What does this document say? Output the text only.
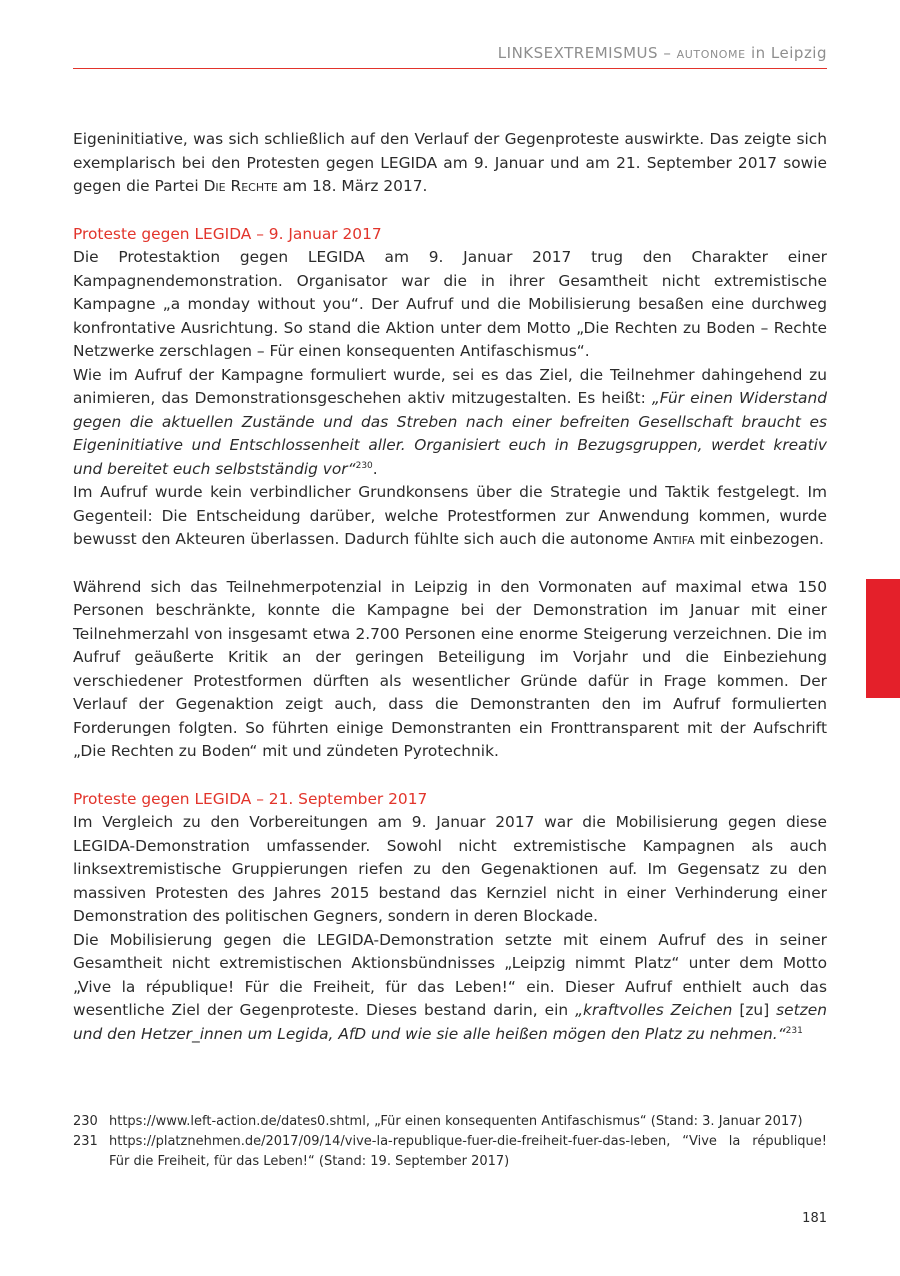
LINKSEXTREMISMUS – AUTONOME in Leipzig

Eigeninitiative, was sich schließlich auf den Verlauf der Gegenproteste auswirkte. Das zeigte sich exemplarisch bei den Protesten gegen LEGIDA am 9. Januar und am 21. September 2017 sowie gegen die Partei Die Rechte am 18. März 2017.

Proteste gegen LEGIDA – 9. Januar 2017

Die Protestaktion gegen LEGIDA am 9. Januar 2017 trug den Charakter einer Kampagnendemonstration. Organisator war die in ihrer Gesamtheit nicht extremistische Kampagne „a monday without you“. Der Aufruf und die Mobilisierung besaßen eine durchweg konfrontative Ausrichtung. So stand die Aktion unter dem Motto „Die Rechten zu Boden – Rechte Netzwerke zerschlagen – Für einen konsequenten Antifaschismus“.

Wie im Aufruf der Kampagne formuliert wurde, sei es das Ziel, die Teilnehmer dahingehend zu animieren, das Demonstrationsgeschehen aktiv mitzugestalten. Es heißt: „Für einen Widerstand gegen die aktuellen Zustände und das Streben nach einer befreiten Gesellschaft braucht es Eigeninitiative und Entschlossenheit aller. Organisiert euch in Bezugsgruppen, werdet kreativ und bereitet euch selbstständig vor“$^{230}$.

Im Aufruf wurde kein verbindlicher Grundkonsens über die Strategie und Taktik festgelegt. Im Gegenteil: Die Entscheidung darüber, welche Protestformen zur Anwendung kommen, wurde bewusst den Akteuren überlassen. Dadurch fühlte sich auch die autonome Antifa mit einbezogen.

Während sich das Teilnehmerpotenzial in Leipzig in den Vormonaten auf maximal etwa 150 Personen beschränkte, konnte die Kampagne bei der Demonstration im Januar mit einer Teilnehmerzahl von insgesamt etwa 2.700 Personen eine enorme Steigerung verzeichnen. Die im Aufruf geäußerte Kritik an der geringen Beteiligung im Vorjahr und die Einbeziehung verschiedener Protestformen dürften als wesentlicher Gründe dafür in Frage kommen. Der Verlauf der Gegenaktion zeigt auch, dass die Demonstranten den im Aufruf formulierten Forderungen folgten. So führten einige Demonstranten ein Fronttransparent mit der Aufschrift „Die Rechten zu Boden“ mit und zündeten Pyrotechnik.

Proteste gegen LEGIDA – 21. September 2017

Im Vergleich zu den Vorbereitungen am 9. Januar 2017 war die Mobilisierung gegen diese LEGIDA-Demonstration umfassender. Sowohl nicht extremistische Kampagnen als auch linksextremistische Gruppierungen riefen zu den Gegenaktionen auf. Im Gegensatz zu den massiven Protesten des Jahres 2015 bestand das Kernziel nicht in einer Verhinderung einer Demonstration des politischen Gegners, sondern in deren Blockade.

Die Mobilisierung gegen die LEGIDA-Demonstration setzte mit einem Aufruf des in seiner Gesamtheit nicht extremistischen Aktionsbündnisses „Leipzig nimmt Platz“ unter dem Motto „Vive la république! Für die Freiheit, für das Leben!“ ein. Dieser Aufruf enthielt auch das wesentliche Ziel der Gegenproteste. Dieses bestand darin, ein „kraftvolles Zeichen [zu] setzen und den Hetzer_innen um Legida, AfD und wie sie alle heißen mögen den Platz zu nehmen.“$^{231}$

230 https://www.left-action.de/dates0.shtml, „Für einen konsequenten Antifaschismus“ (Stand: 3. Januar 2017)
231 https://platznehmen.de/2017/09/14/vive-la-republique-fuer-die-freiheit-fuer-das-leben, “Vive la république! Für die Freiheit, für das Leben!“ (Stand: 19. September 2017)
181
